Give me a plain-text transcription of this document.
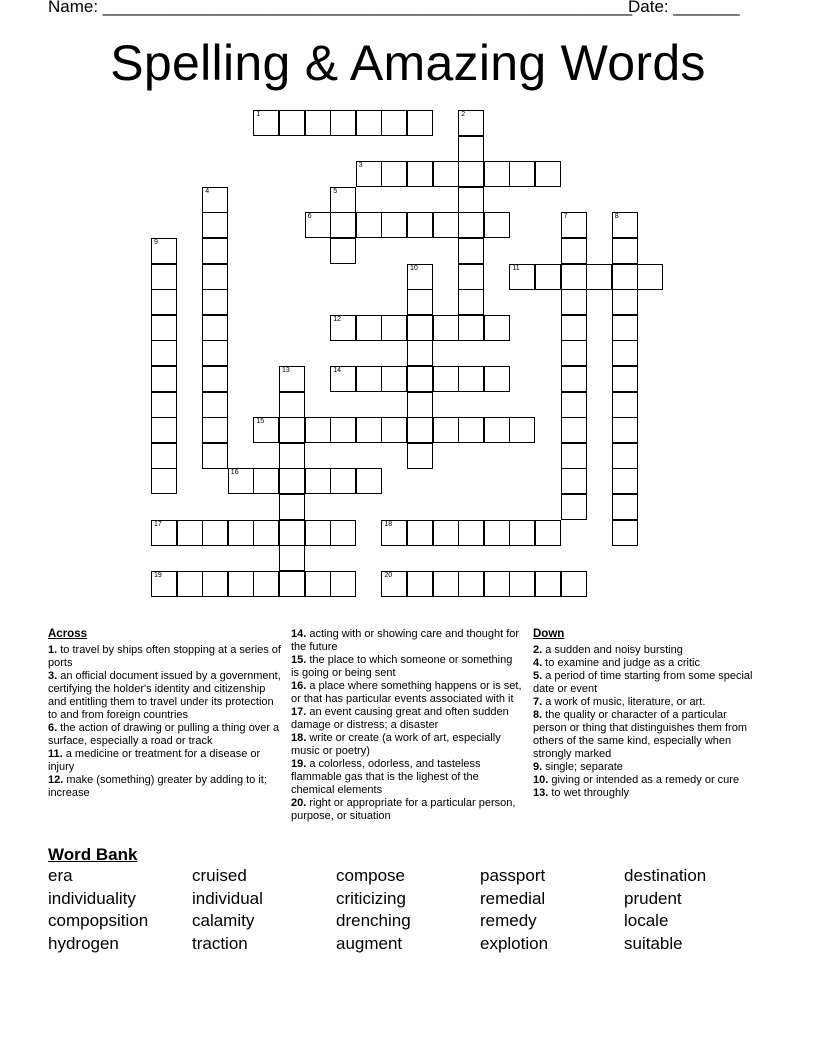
Name: ________________________________________________________
Date: _______
Spelling & Amazing Words
1	2
3
4	5
6	7	8
9
10	11
12
13	14
15
16
17	18
19	20
Across

1. to travel by ships often stopping at a series of ports

3. an official document issued by a government, certifying the holder's identity and citizenship and entitling them to travel under its protection to and from foreign countries

6. the action of drawing or pulling a thing over a surface, especially a road or track

11. a medicine or treatment for a disease or injury

12. make (something) greater by adding to it; increase

14. acting with or showing care and thought for the future

15. the place to which someone or something is going or being sent

16. a place where something happens or is set, or that has particular events associated with it

17. an event causing great and often sudden damage or distress; a disaster

18. write or create (a work of art, especially music or poetry)

19. a colorless, odorless, and tasteless flammable gas that is the lighest of the chemical elements

20. right or appropriate for a particular person, purpose, or situation

Down

2. a sudden and noisy bursting

4. to examine and judge as a critic

5. a period of time starting from some special date or event

7. a work of music, literature, or art.

8. the quality or character of a particular person or thing that distinguishes them from others of the same kind, especially when strongly marked

9. single; separate

10. giving or intended as a remedy or cure

13. to wet throughly

Word Bank
era	cruised	compose	passport	destination
individuality	individual	criticizing	remedial	prudent
compopsition	calamity	drenching	remedy	locale
hydrogen	traction	augment	explotion	suitable
